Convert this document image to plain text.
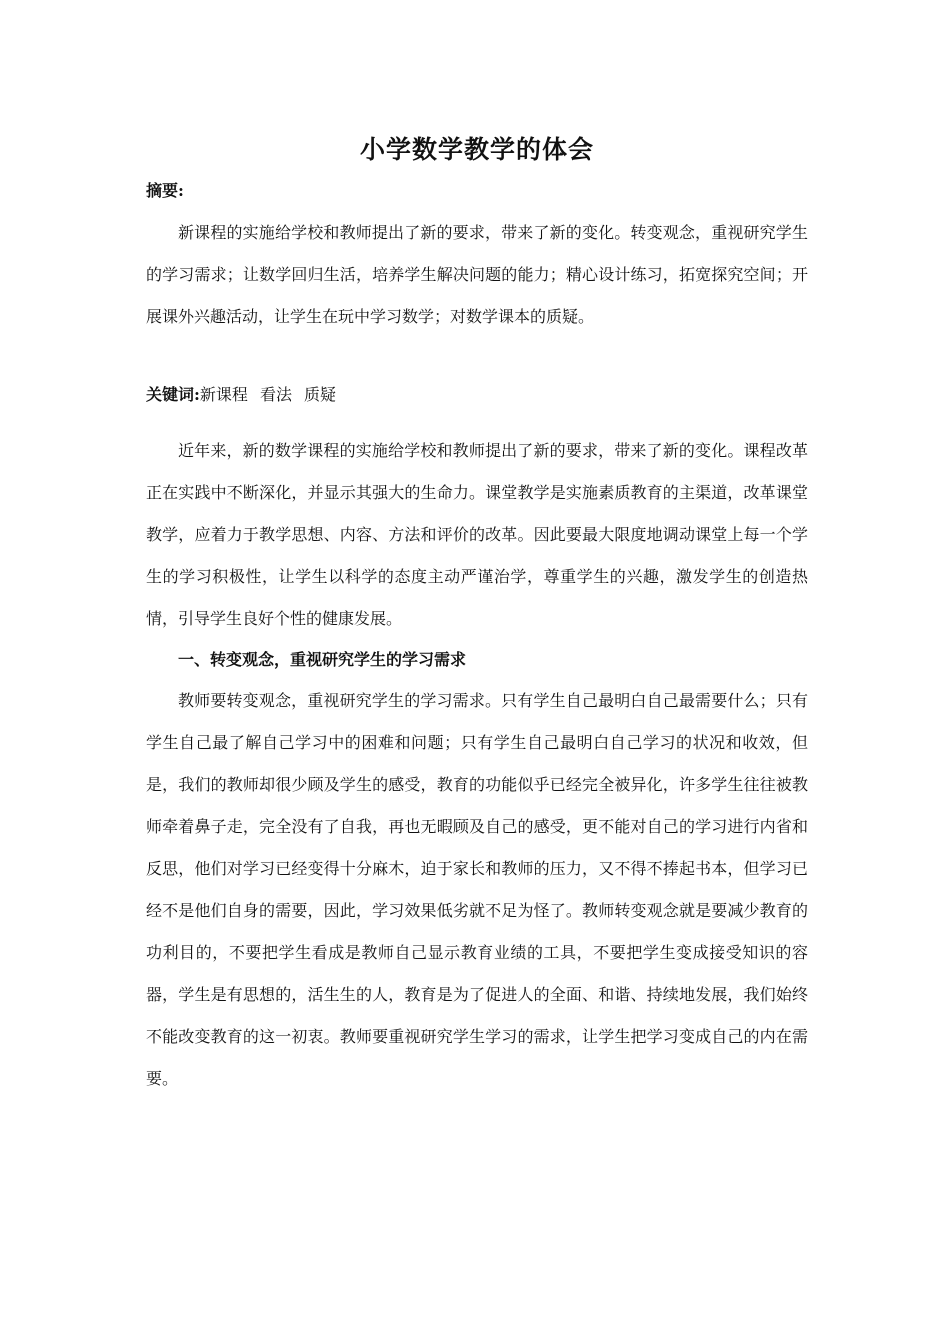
小学数学教学的体会
摘要:

新课程的实施给学校和教师提出了新的要求，带来了新的变化。转变观念，重视研究学生的学习需求；让数学回归生活，培养学生解决问题的能力；精心设计练习，拓宽探究空间；开展课外兴趣活动，让学生在玩中学习数学；对数学课本的质疑。

关键词:新课程 看法 质疑

近年来，新的数学课程的实施给学校和教师提出了新的要求，带来了新的变化。课程改革正在实践中不断深化，并显示其强大的生命力。课堂教学是实施素质教育的主渠道，改革课堂教学，应着力于教学思想、内容、方法和评价的改革。因此要最大限度地调动课堂上每一个学生的学习积极性，让学生以科学的态度主动严谨治学，尊重学生的兴趣，激发学生的创造热情，引导学生良好个性的健康发展。

一、转变观念，重视研究学生的学习需求

教师要转变观念，重视研究学生的学习需求。只有学生自己最明白自己最需要什么；只有学生自己最了解自己学习中的困难和问题；只有学生自己最明白自己学习的状况和收效，但是，我们的教师却很少顾及学生的感受，教育的功能似乎已经完全被异化，许多学生往往被教师牵着鼻子走，完全没有了自我，再也无暇顾及自己的感受，更不能对自己的学习进行内省和反思，他们对学习已经变得十分麻木，迫于家长和教师的压力，又不得不捧起书本，但学习已经不是他们自身的需要，因此，学习效果低劣就不足为怪了。教师转变观念就是要减少教育的功利目的，不要把学生看成是教师自己显示教育业绩的工具，不要把学生变成接受知识的容器，学生是有思想的，活生生的人，教育是为了促进人的全面、和谐、持续地发展，我们始终不能改变教育的这一初衷。教师要重视研究学生学习的需求，让学生把学习变成自己的内在需要。
